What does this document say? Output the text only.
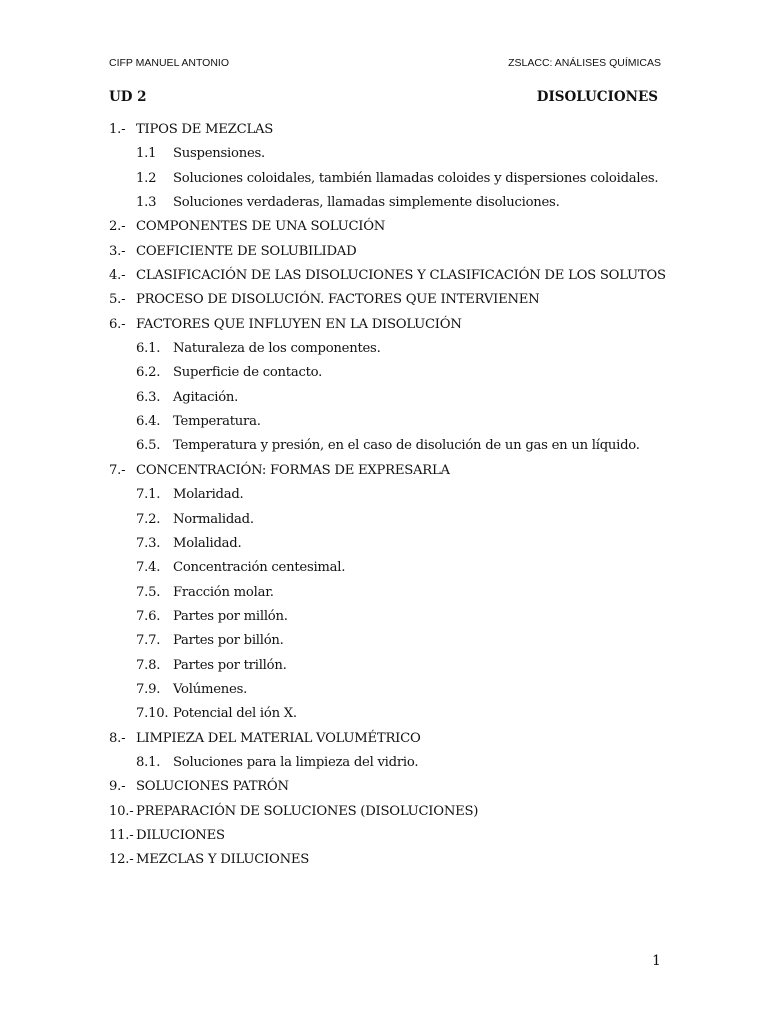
CIFP MANUEL ANTONIO	ZSLACC: ANÁLISES QUÍMICAS
UD 2	DISOLUCIONES
1.- TIPOS DE MEZCLAS
1.1 Suspensiones.
1.2 Soluciones coloidales, también llamadas coloides y dispersiones coloidales.
1.3 Soluciones verdaderas, llamadas simplemente disoluciones.
2.- COMPONENTES DE UNA SOLUCIÓN
3.- COEFICIENTE DE SOLUBILIDAD
4.- CLASIFICACIÓN DE LAS DISOLUCIONES Y CLASIFICACIÓN DE LOS SOLUTOS
5.- PROCESO DE DISOLUCIÓN. FACTORES QUE INTERVIENEN
6.- FACTORES QUE INFLUYEN EN LA DISOLUCIÓN
6.1. Naturaleza de los componentes.
6.2. Superficie de contacto.
6.3. Agitación.
6.4. Temperatura.
6.5. Temperatura y presión, en el caso de disolución de un gas en un líquido.
7.- CONCENTRACIÓN: FORMAS DE EXPRESARLA
7.1. Molaridad.
7.2. Normalidad.
7.3. Molalidad.
7.4. Concentración centesimal.
7.5. Fracción molar.
7.6. Partes por millón.
7.7. Partes por billón.
7.8. Partes por trillón.
7.9. Volúmenes.
7.10. Potencial del ión X.
8.- LIMPIEZA DEL MATERIAL VOLUMÉTRICO
8.1. Soluciones para la limpieza del vidrio.
9.- SOLUCIONES PATRÓN
10.- PREPARACIÓN DE SOLUCIONES (DISOLUCIONES)
11.- DILUCIONES
12.- MEZCLAS Y DILUCIONES
1
